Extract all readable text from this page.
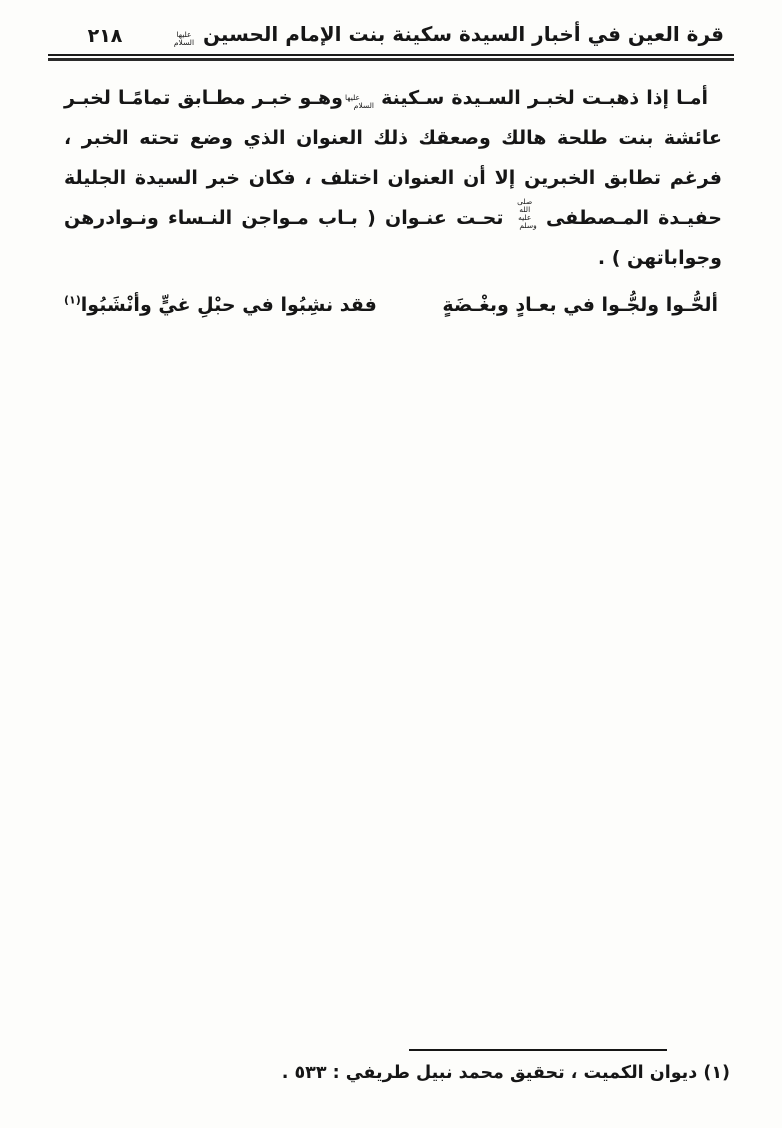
قرة العين في أخبار السيدة سكينة بنت الإمام الحسين عليها السلام
٢١٨
أمـا إذا ذهبـت لخبـر السـيدة سـكينة عليها السلام وهـو خبـر مطـابق تمامًـا لخبـر
عائشة بنت طلحة هالك وصعقك ذلك العنوان الذي وضع تحته الخبر ،
فرغم تطابق الخبرين إلا أن العنوان اختلف ، فكان خبر السيدة الجليلة
حفيـدة المـصطفى صلى الله عليه وسلم تحـت عنـوان ( بـاب مـواجن النـساء ونـوادرهن
وجواباتهن ) .
ألحُّـوا ولجُّـوا في بعـادٍ وبغْـضَةٍ
فقد نشِبُوا في حبْلِ غيٍّ وأنْشَبُوا$^{(١)}$
(١) ديوان الكميت ، تحقيق محمد نبيل طريفي : ٥٣٣ .
